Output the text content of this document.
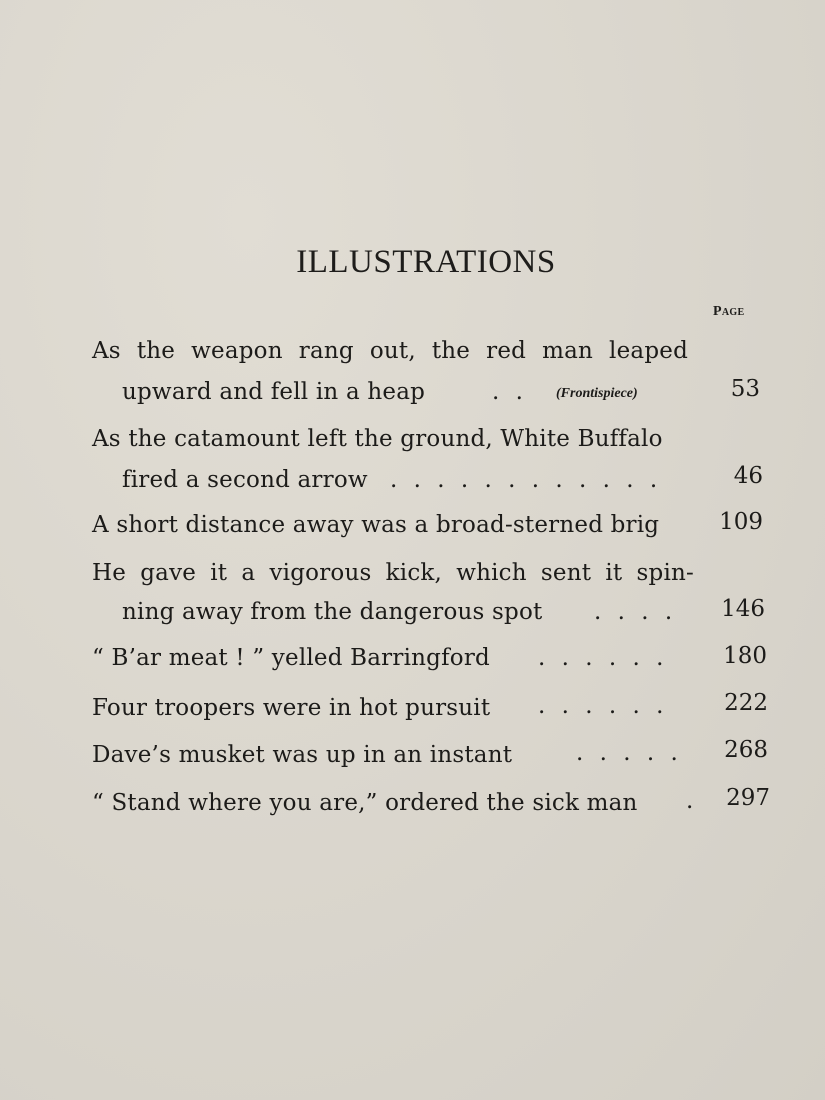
ILLUSTRATIONS
Page
As the weapon rang out, the red man leaped
upward and fell in a heap	. . (Frontispiece)	53
As the catamount left the ground, White Buffalo
fired a second arrow . . . . . . . . . . . .	46
A short distance away was a broad-sterned brig	109
He gave it a vigorous kick, which sent it spin-
ning away from the dangerous spot . . . .	146
“ B’ar meat ! ” yelled Barringford . . . . . .	180
Four troopers were in hot pursuit . . . . . .	222
Dave’s musket was up in an instant	. . . . .	268
“ Stand where you are,” ordered the sick man .	297
